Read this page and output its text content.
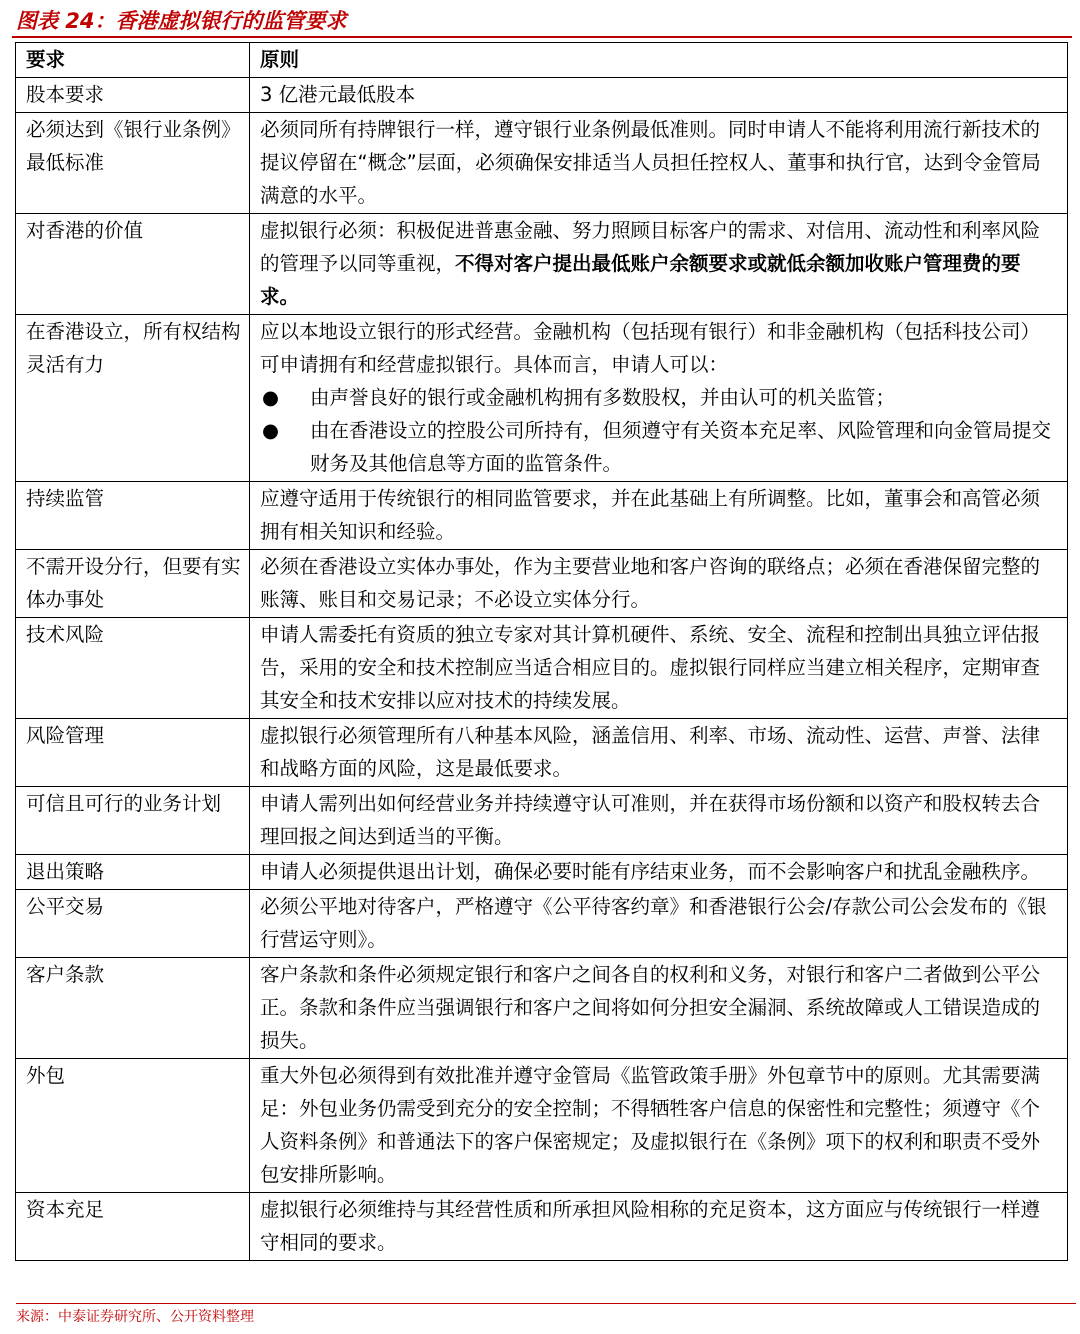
图表 24：香港虚拟银行的监管要求
要求	原则
股本要求	3 亿港元最低股本
必须达到《银行业条例》最低标准	必须同所有持牌银行一样，遵守银行业条例最低准则。同时申请人不能将利用流行新技术的提议停留在“概念”层面，必须确保安排适当人员担任控权人、董事和执行官，达到令金管局满意的水平。
对香港的价值	虚拟银行必须：积极促进普惠金融、努力照顾目标客户的需求、对信用、流动性和利率风险的管理予以同等重视，不得对客户提出最低账户余额要求或就低余额加收账户管理费的要求。
在香港设立，所有权结构灵活有力	应以本地设立银行的形式经营。金融机构（包括现有银行）和非金融机构（包括科技公司）可申请拥有和经营虚拟银行。具体而言，申请人可以：
● 由声誉良好的银行或金融机构拥有多数股权，并由认可的机关监管；
● 由在香港设立的控股公司所持有，但须遵守有关资本充足率、风险管理和向金管局提交财务及其他信息等方面的监管条件。

持续监管	应遵守适用于传统银行的相同监管要求，并在此基础上有所调整。比如，董事会和高管必须拥有相关知识和经验。
不需开设分行，但要有实体办事处	必须在香港设立实体办事处，作为主要营业地和客户咨询的联络点；必须在香港保留完整的账簿、账目和交易记录；不必设立实体分行。
技术风险	申请人需委托有资质的独立专家对其计算机硬件、系统、安全、流程和控制出具独立评估报告，采用的安全和技术控制应当适合相应目的。虚拟银行同样应当建立相关程序，定期审查其安全和技术安排以应对技术的持续发展。
风险管理	虚拟银行必须管理所有八种基本风险，涵盖信用、利率、市场、流动性、运营、声誉、法律和战略方面的风险，这是最低要求。
可信且可行的业务计划	申请人需列出如何经营业务并持续遵守认可准则，并在获得市场份额和以资产和股权转去合理回报之间达到适当的平衡。
退出策略	申请人必须提供退出计划，确保必要时能有序结束业务，而不会影响客户和扰乱金融秩序。
公平交易	必须公平地对待客户，严格遵守《公平待客约章》和香港银行公会/存款公司公会发布的《银行营运守则》。
客户条款	客户条款和条件必须规定银行和客户之间各自的权利和义务，对银行和客户二者做到公平公正。条款和条件应当强调银行和客户之间将如何分担安全漏洞、系统故障或人工错误造成的损失。
外包	重大外包必须得到有效批准并遵守金管局《监管政策手册》外包章节中的原则。尤其需要满足：外包业务仍需受到充分的安全控制；不得牺牲客户信息的保密性和完整性；须遵守《个人资料条例》和普通法下的客户保密规定；及虚拟银行在《条例》项下的权利和职责不受外包安排所影响。
资本充足	虚拟银行必须维持与其经营性质和所承担风险相称的充足资本，这方面应与传统银行一样遵守相同的要求。
来源：中泰证券研究所、公开资料整理
